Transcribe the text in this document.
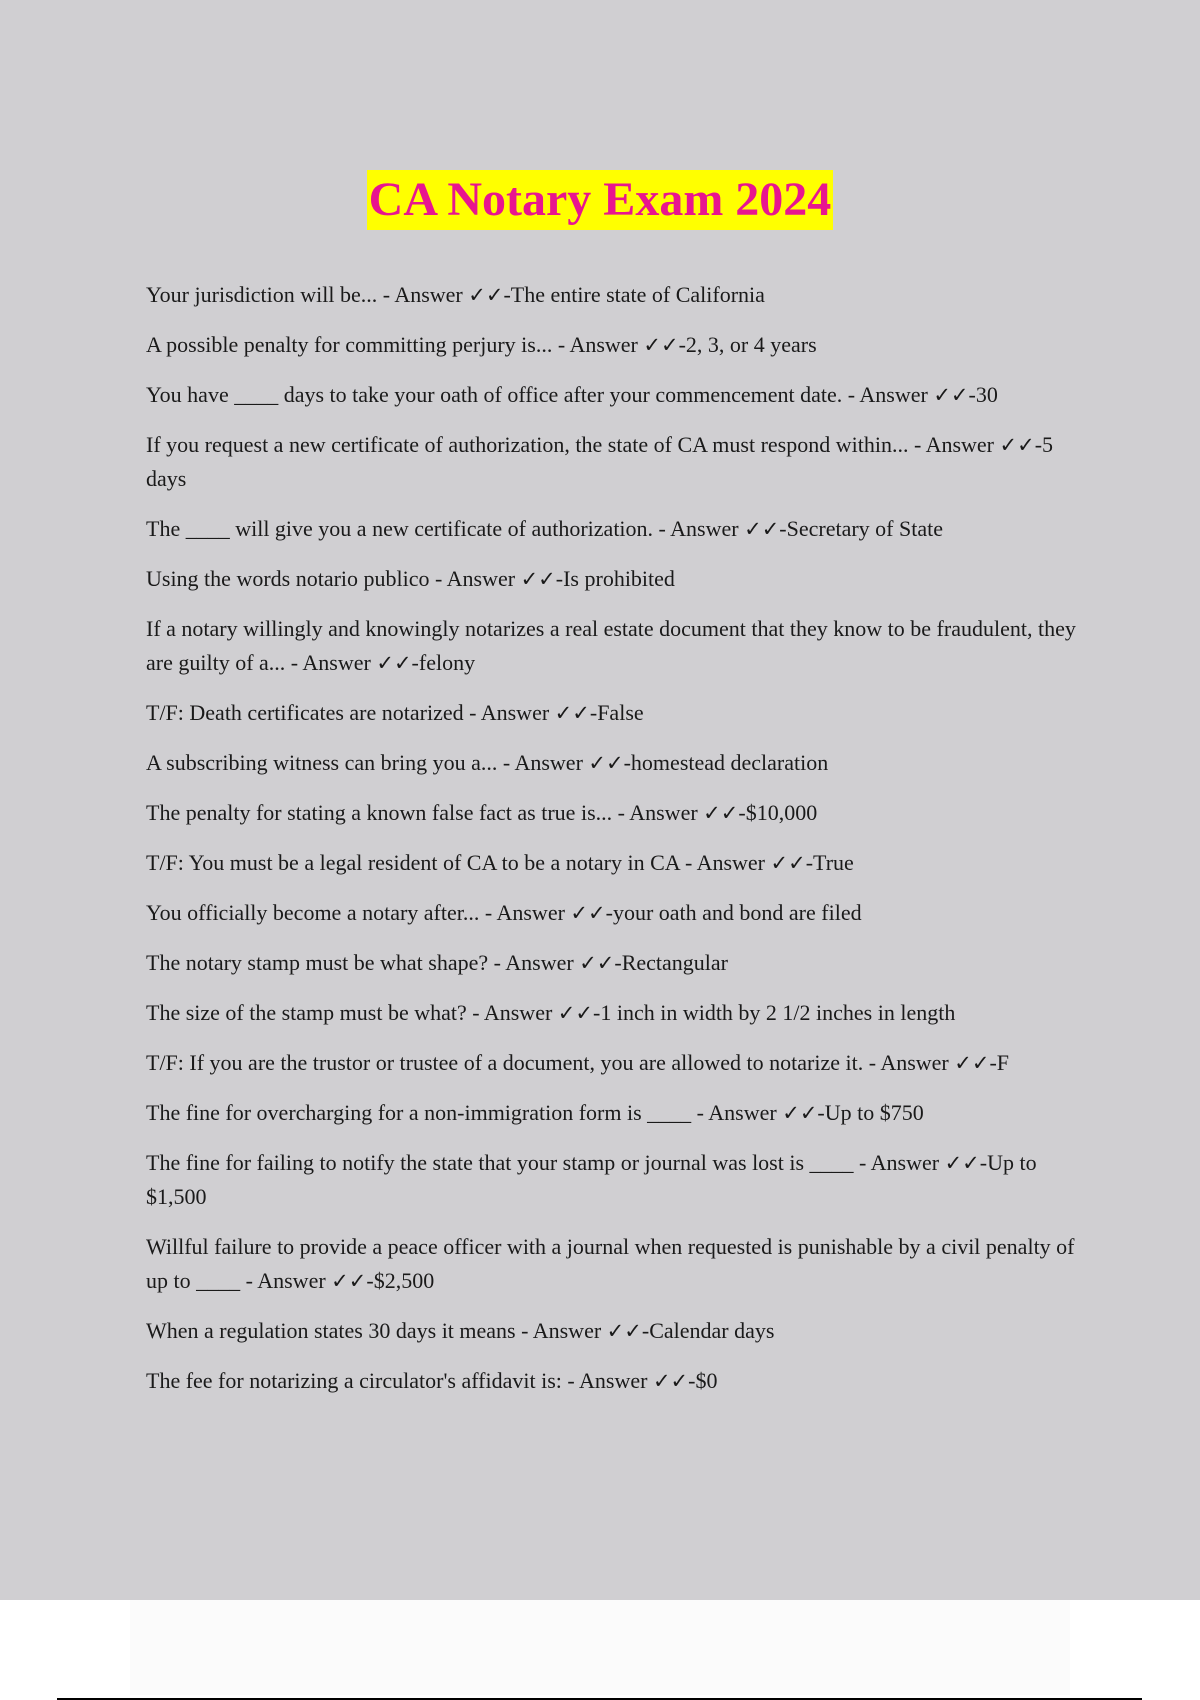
CA Notary Exam 2024
Your jurisdiction will be... - Answer ✓✓-The entire state of California
A possible penalty for committing perjury is... - Answer ✓✓-2, 3, or 4 years
You have ____ days to take your oath of office after your commencement date. - Answer ✓✓-30
If you request a new certificate of authorization, the state of CA must respond within... - Answer ✓✓-5 days
The ____ will give you a new certificate of authorization. - Answer ✓✓-Secretary of State
Using the words notario publico - Answer ✓✓-Is prohibited
If a notary willingly and knowingly notarizes a real estate document that they know to be fraudulent, they are guilty of a... - Answer ✓✓-felony
T/F: Death certificates are notarized - Answer ✓✓-False
A subscribing witness can bring you a... - Answer ✓✓-homestead declaration
The penalty for stating a known false fact as true is... - Answer ✓✓-$10,000
T/F: You must be a legal resident of CA to be a notary in CA - Answer ✓✓-True
You officially become a notary after... - Answer ✓✓-your oath and bond are filed
The notary stamp must be what shape? - Answer ✓✓-Rectangular
The size of the stamp must be what? - Answer ✓✓-1 inch in width by 2 1/2 inches in length
T/F: If you are the trustor or trustee of a document, you are allowed to notarize it. - Answer ✓✓-F
The fine for overcharging for a non-immigration form is ____ - Answer ✓✓-Up to $750
The fine for failing to notify the state that your stamp or journal was lost is ____ - Answer ✓✓-Up to $1,500
Willful failure to provide a peace officer with a journal when requested is punishable by a civil penalty of up to ____ - Answer ✓✓-$2,500
When a regulation states 30 days it means - Answer ✓✓-Calendar days
The fee for notarizing a circulator's affidavit is: - Answer ✓✓-$0
